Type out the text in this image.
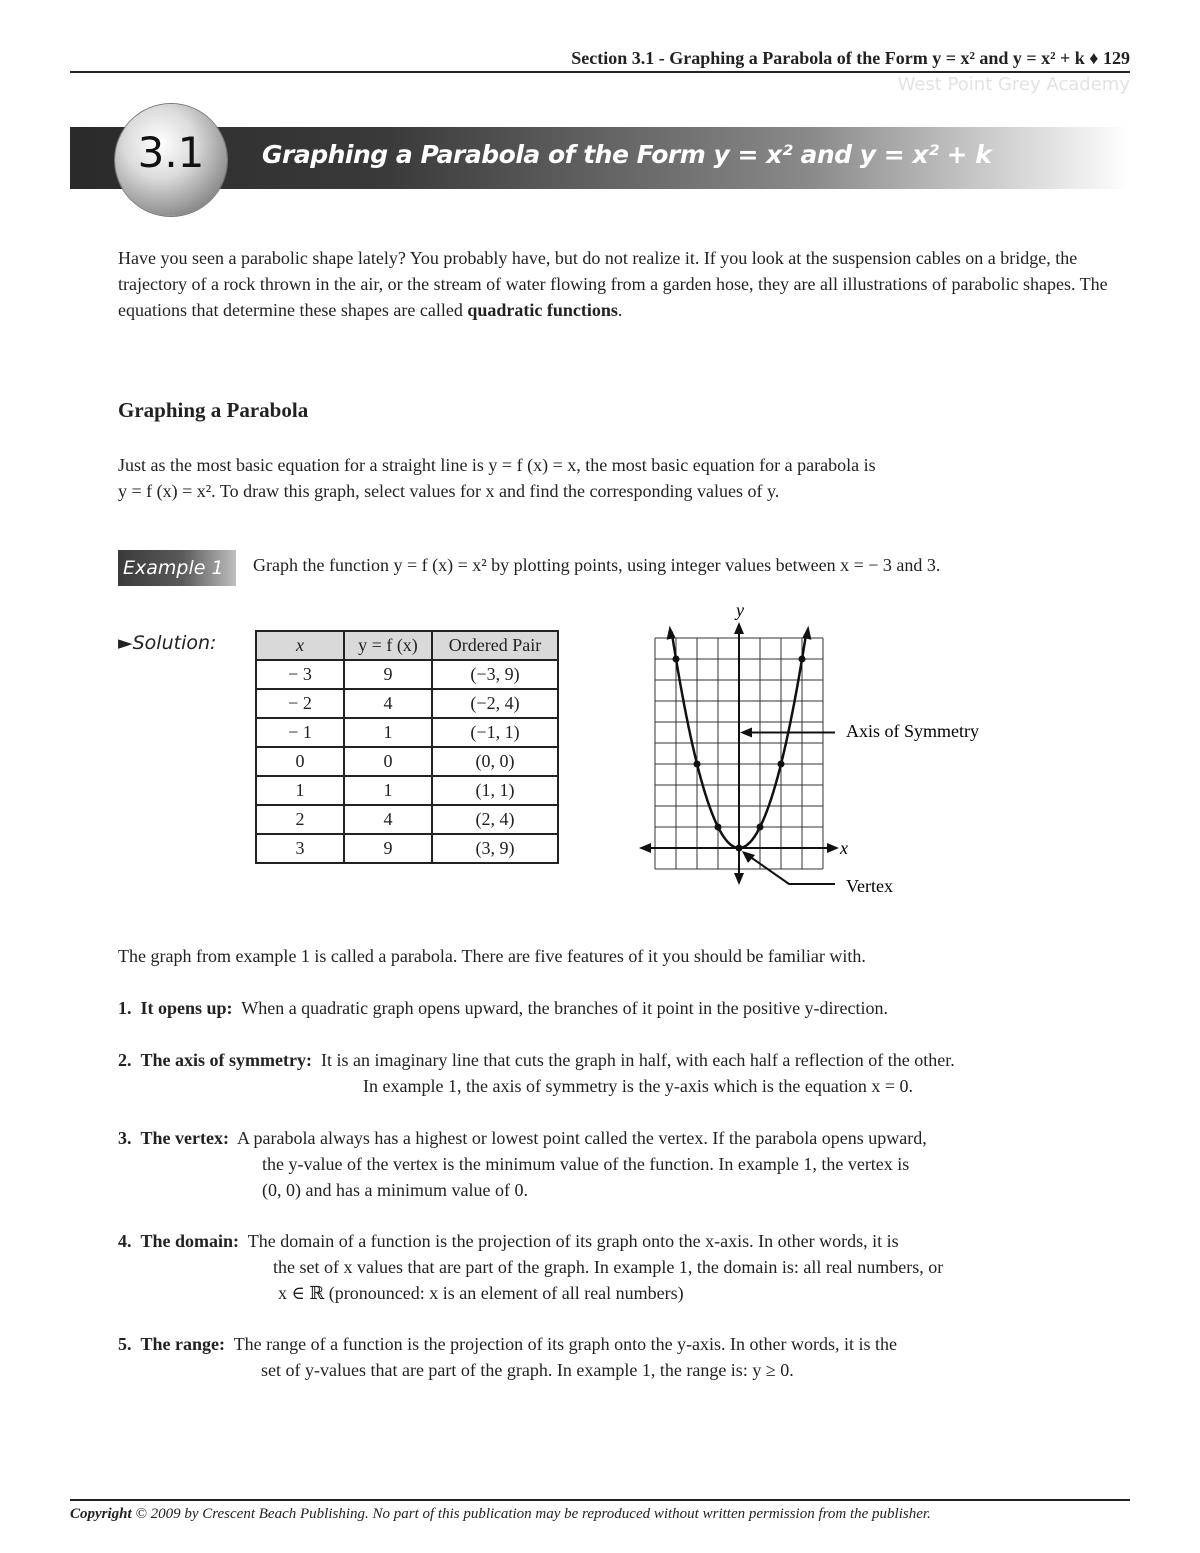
Section 3.1 - Graphing a Parabola of the Form y = x² and y = x² + k ♦ 129
West Point Grey Academy
3.1	Graphing a Parabola of the Form y = x² and y = x² + k
Have you seen a parabolic shape lately? You probably have, but do not realize it. If you look at the suspension cables on a bridge, the trajectory of a rock thrown in the air, or the stream of water flowing from a garden hose, they are all illustrations of parabolic shapes. The equations that determine these shapes are called quadratic functions.
Graphing a Parabola
Just as the most basic equation for a straight line is y = f (x) = x, the most basic equation for a parabola is
y = f (x) = x². To draw this graph, select values for x and find the corresponding values of y.
Example 1 Graph the function y = f (x) = x² by plotting points, using integer values between x = − 3 and 3.
►Solution:	x	y = f (x)	Ordered Pair
− 3	9	(−3, 9)
− 2	4	(−2, 4)
− 1	1	(−1, 1)
0	0	(0, 0)
1	1	(1, 1)
2	4	(2, 4)
3	9	(3, 9)
y
x
Axis of Symmetry
Vertex
The graph from example 1 is called a parabola. There are five features of it you should be familiar with.
1. It opens up: When a quadratic graph opens upward, the branches of it point in the positive y-direction.
2. The axis of symmetry: It is an imaginary line that cuts the graph in half, with each half a reflection of the other.
In example 1, the axis of symmetry is the y-axis which is the equation x = 0.
3. The vertex: A parabola always has a highest or lowest point called the vertex. If the parabola opens upward,
the y-value of the vertex is the minimum value of the function. In example 1, the vertex is
(0, 0) and has a minimum value of 0.
4. The domain: The domain of a function is the projection of its graph onto the x-axis. In other words, it is
the set of x values that are part of the graph. In example 1, the domain is: all real numbers, or
x ∈ ℝ (pronounced: x is an element of all real numbers)
5. The range: The range of a function is the projection of its graph onto the y-axis. In other words, it is the
set of y-values that are part of the graph. In example 1, the range is: y ≥ 0.
Copyright © 2009 by Crescent Beach Publishing. No part of this publication may be reproduced without written permission from the publisher.
